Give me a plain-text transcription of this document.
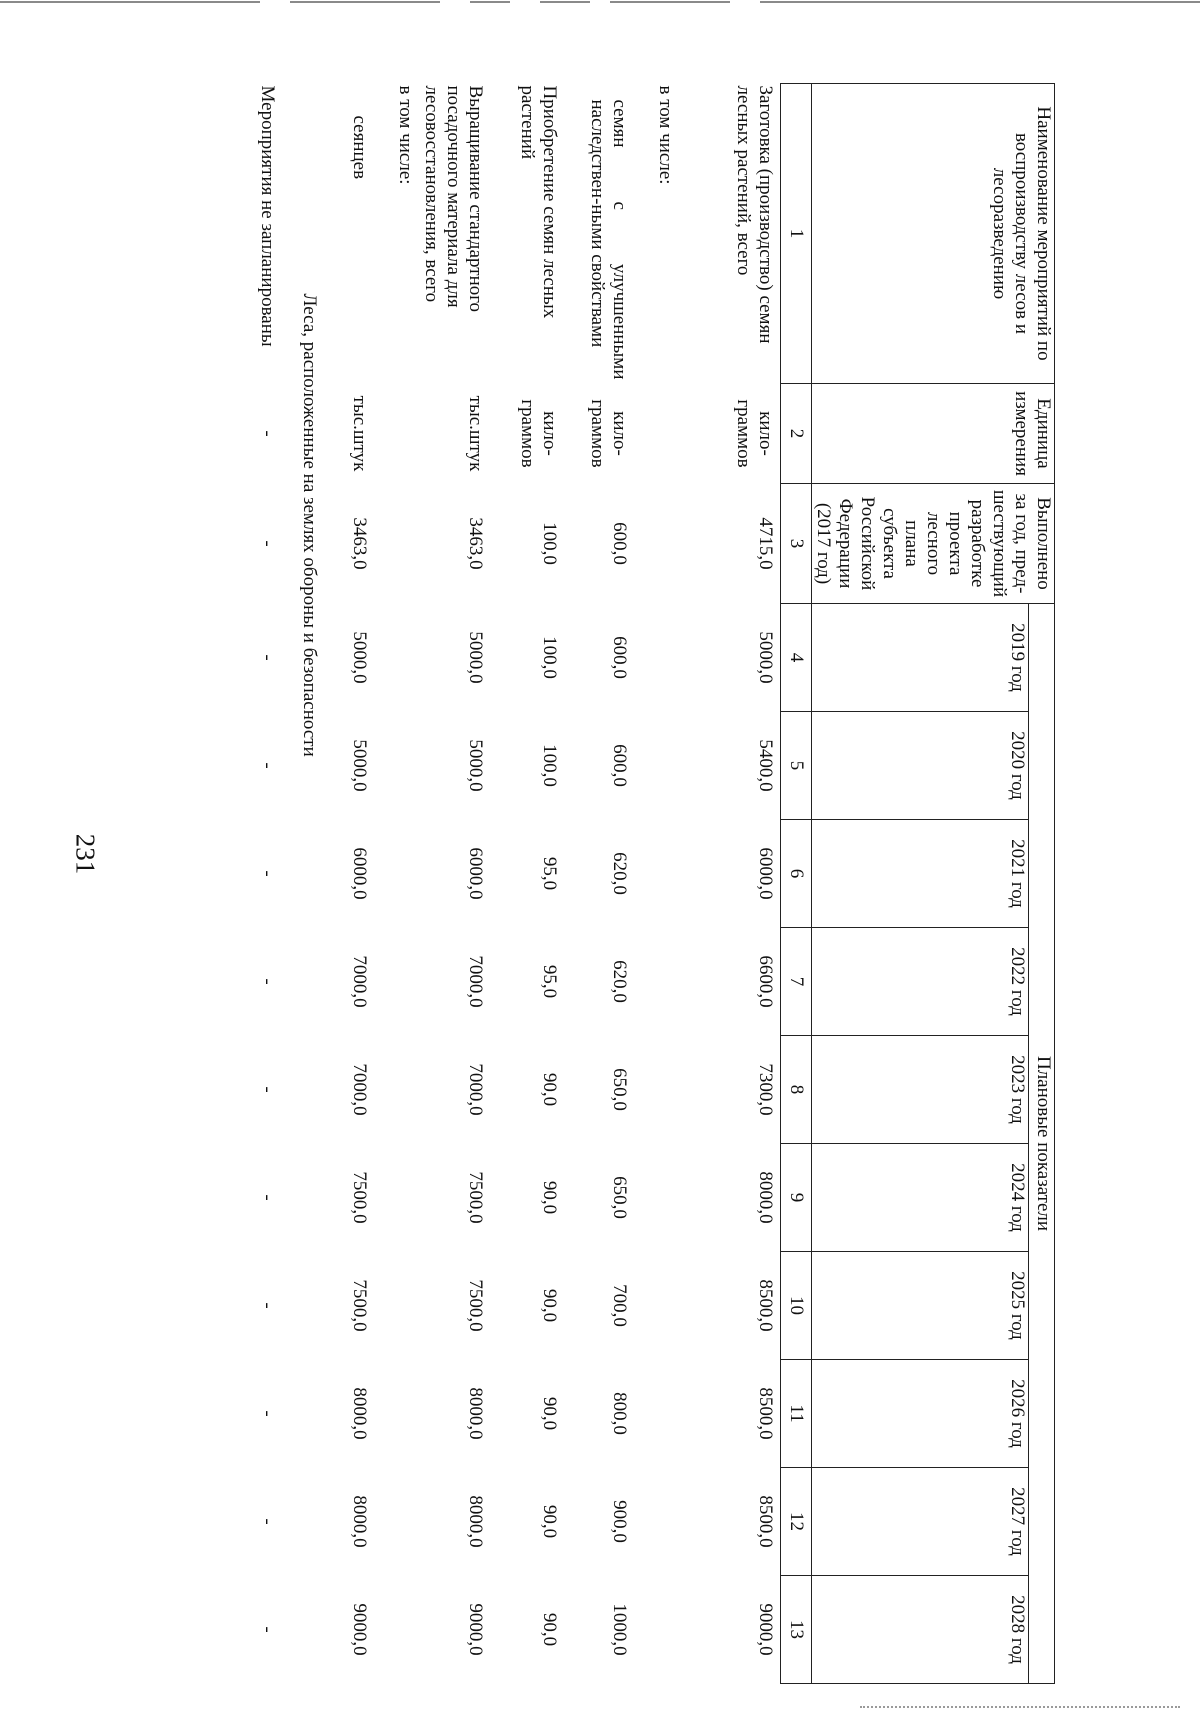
231
Наименование мероприятий по воспроизводству лесов и лесоразведению	Единица измерения	Выполнено за год, пред-шествующий разработке проекта лесного плана субъекта Российской Федерации (2017 год)	Плановые показатели									
			2019 год	2020 год	2021 год	2022 год	2023 год	2024 год	2025 год	2026 год	2027 год	2028 год
1	2	3	4	5	6	7	8	9	10	11	12	13
Заготовка (производство) семян лесных растений, всего	кило-граммов	4715,0	5000,0	5400,0	6000,0	6600,0	7300,0	8000,0	8500,0	8500,0	8500,0	9000,0
в том числе:												

семян с улучшенными наследствен-ными свойствами	кило-граммов	600,0	600,0	600,0	620,0	620,0	650,0	650,0	700,0	800,0	900,0	1000,0
Приобретение семян лесных растений	кило-граммов	100,0	100,0	100,0	95,0	95,0	90,0	90,0	90,0	90,0	90,0	90,0
Выращивание стандартного посадочного материала для лесовосстановления, всего	тыс.штук	3463,0	5000,0	5000,0	6000,0	7000,0	7000,0	7500,0	7500,0	8000,0	8000,0	9000,0
в том числе:												
сеянцев	тыс.штук	3463,0	5000,0	5000,0	6000,0	7000,0	7000,0	7500,0	7500,0	8000,0	8000,0	9000,0
			Леса, расположенные на землях обороны и безопасности									
Мероприятия не запланированы	-	-	-	-	-	-	-	-	-	-	-	-
